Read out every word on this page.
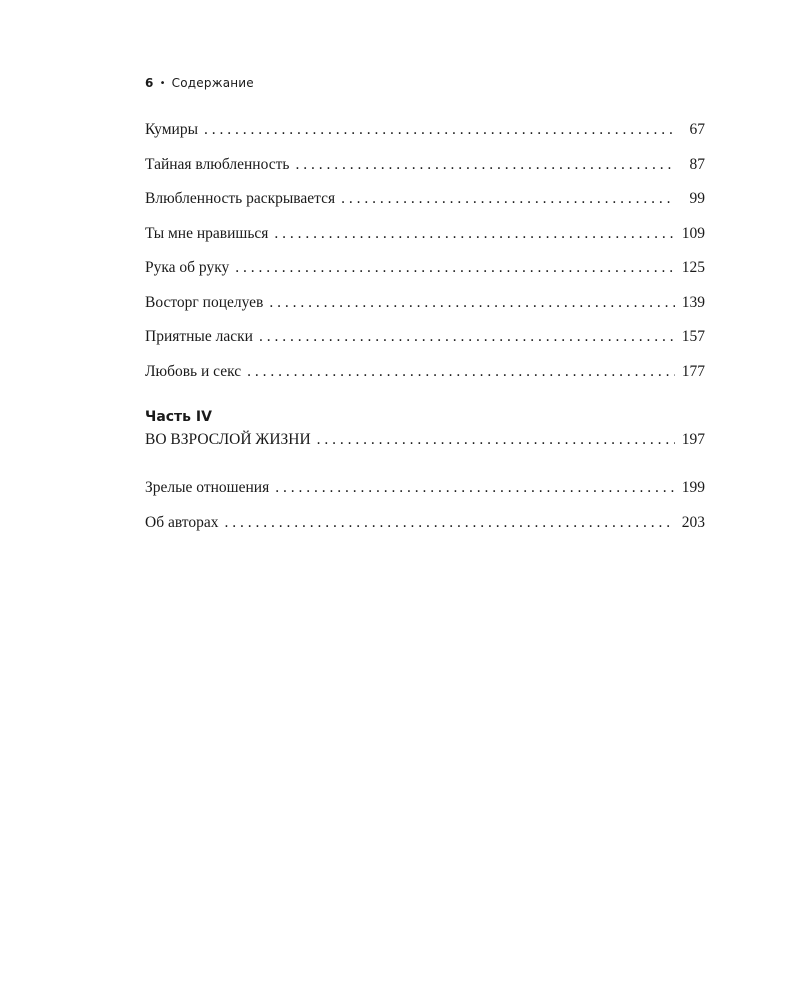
6 • Содержание
Кумиры . . .	67
Тайная влюбленность . . .	87
Влюбленность раскрывается . . .	99
Ты мне нравишься . . .	109
Рука об руку . . .	125
Восторг поцелуев . . .	139
Приятные ласки . . .	157
Любовь и секс . . .	177
Часть IV
ВО ВЗРОСЛОЙ ЖИЗНИ . . .	197
Зрелые отношения . . .	199
Об авторах . . .	203
